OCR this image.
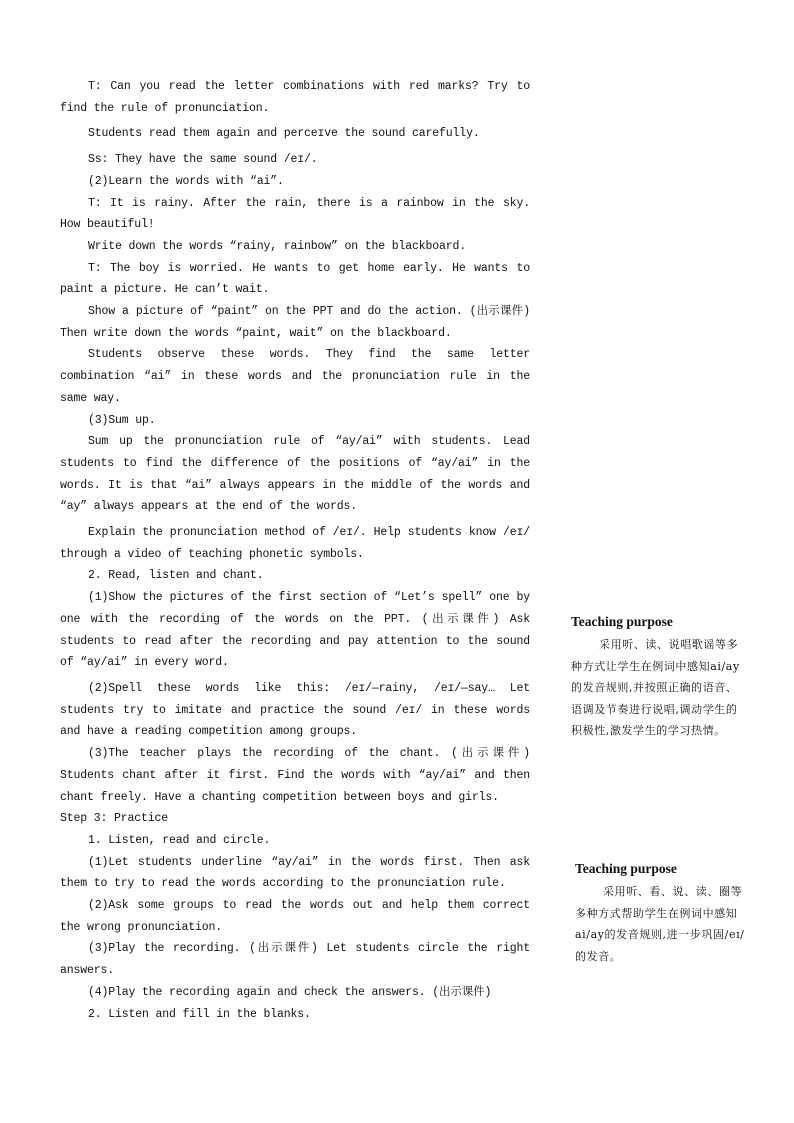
T: Can you read the letter combinations with red marks? Try to find the rule of pronunciation.

Students read them again and perceɪve the sound carefully.

Ss: They have the same sound /eɪ/.

(2)Learn the words with “ai”.

T: It is rainy. After the rain, there is a rainbow in the sky. How beautiful!

Write down the words “rainy, rainbow” on the blackboard.

T: The boy is worried. He wants to get home early. He wants to paint a picture. He can’t wait.

Show a picture of “paint” on the PPT and do the action. (出示课件) Then write down the words “paint, wait” on the blackboard.

Students observe these words. They find the same letter combination “ai” in these words and the pronunciation rule in the same way.

(3)Sum up.

Sum up the pronunciation rule of “ay/ai” with students. Lead students to find the difference of the positions of “ay/ai” in the words. It is that “ai” always appears in the middle of the words and “ay” always appears at the end of the words.

Explain the pronunciation method of /eɪ/. Help students know /eɪ/ through a video of teaching phonetic symbols.

2. Read, listen and chant.

(1)Show the pictures of the first section of “Let’s spell” one by one with the recording of the words on the PPT. (出示课件) Ask students to read after the recording and pay attention to the sound of “ay/ai” in every word.

(2)Spell these words like this: /eɪ/—rainy, /eɪ/—say… Let students try to imitate and practice the sound /eɪ/ in these words and have a reading competition among groups.

(3)The teacher plays the recording of the chant. (出示课件) Students chant after it first. Find the words with “ay/ai” and then chant freely. Have a chanting competition between boys and girls.

Step 3: Practice

1. Listen, read and circle.

(1)Let students underline “ay/ai” in the words first. Then ask them to try to read the words according to the pronunciation rule.

(2)Ask some groups to read the words out and help them correct the wrong pronunciation.

(3)Play the recording. (出示课件) Let students circle the right answers.

(4)Play the recording again and check the answers. (出示课件)

2. Listen and fill in the blanks.

Teaching purpose

采用听、读、说唱歌谣等多种方式让学生在例词中感知ai/ay的发音规则,并按照正确的语音、语调及节奏进行说唱,调动学生的积极性,激发学生的学习热情。

Teaching purpose

采用听、看、说、读、圈等多种方式帮助学生在例词中感知ai/ay的发音规则,进一步巩固/eɪ/的发音。
